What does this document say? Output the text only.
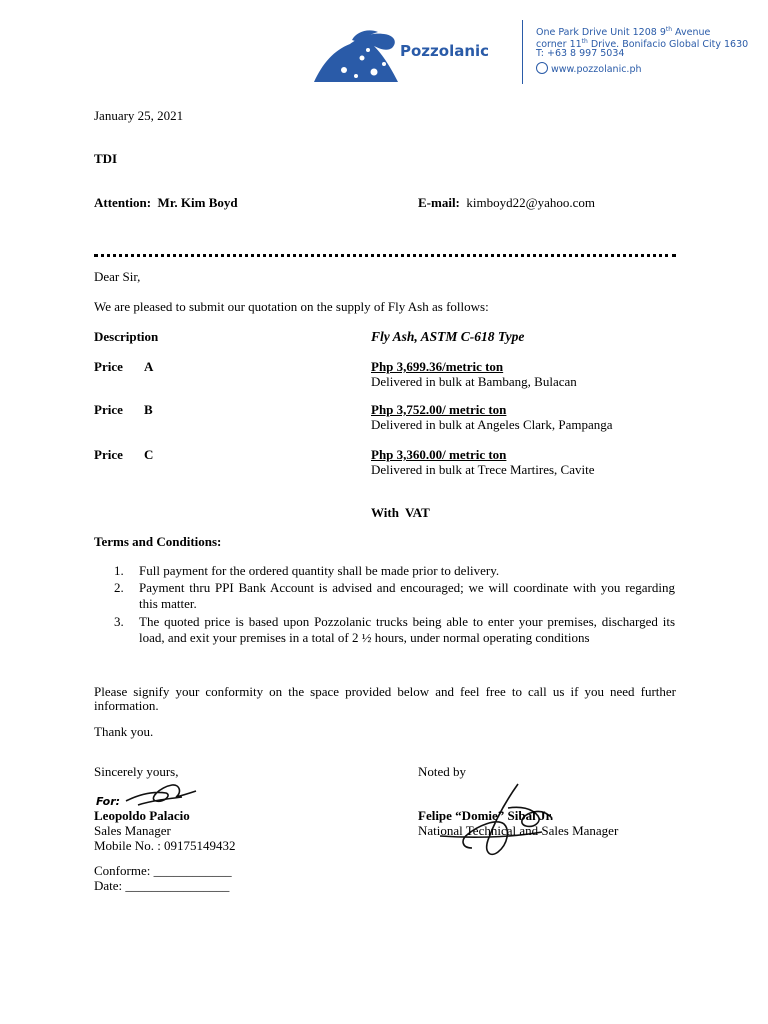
Pozzolanic
One Park Drive Unit 1208 9th Avenue
corner 11th Drive. Bonifacio Global City 1630
T: +63 8 997 5034
www.pozzolanic.ph
January 25, 2021
TDI
Attention: Mr. Kim Boyd	E-mail: kimboyd22@yahoo.com
Dear Sir,
We are pleased to submit our quotation on the supply of Fly Ash as follows:
Description	Fly Ash, ASTM C-618 Type
Price A	Php 3,699.36/metric ton
Delivered in bulk at Bambang, Bulacan
Price B	Php 3,752.00/ metric ton
Delivered in bulk at Angeles Clark, Pampanga
Price C	Php 3,360.00/ metric ton
Delivered in bulk at Trece Martires, Cavite
With VAT
Terms and Conditions:
1. Full payment for the ordered quantity shall be made prior to delivery.
2. Payment thru PPI Bank Account is advised and encouraged; we will coordinate with you regarding this matter.
3. The quoted price is based upon Pozzolanic trucks being able to enter your premises, discharged its load, and exit your premises in a total of 2 ½ hours, under normal operating conditions
Please signify your conformity on the space provided below and feel free to call us if you need further information.
Thank you.
Sincerely yours,	Noted by
For:
Leopoldo Palacio
Sales Manager
Mobile No. : 09175149432
Felipe “Domie” Sibal Jr.
National Technical and Sales Manager
Conforme: ____________
Date: ________________
